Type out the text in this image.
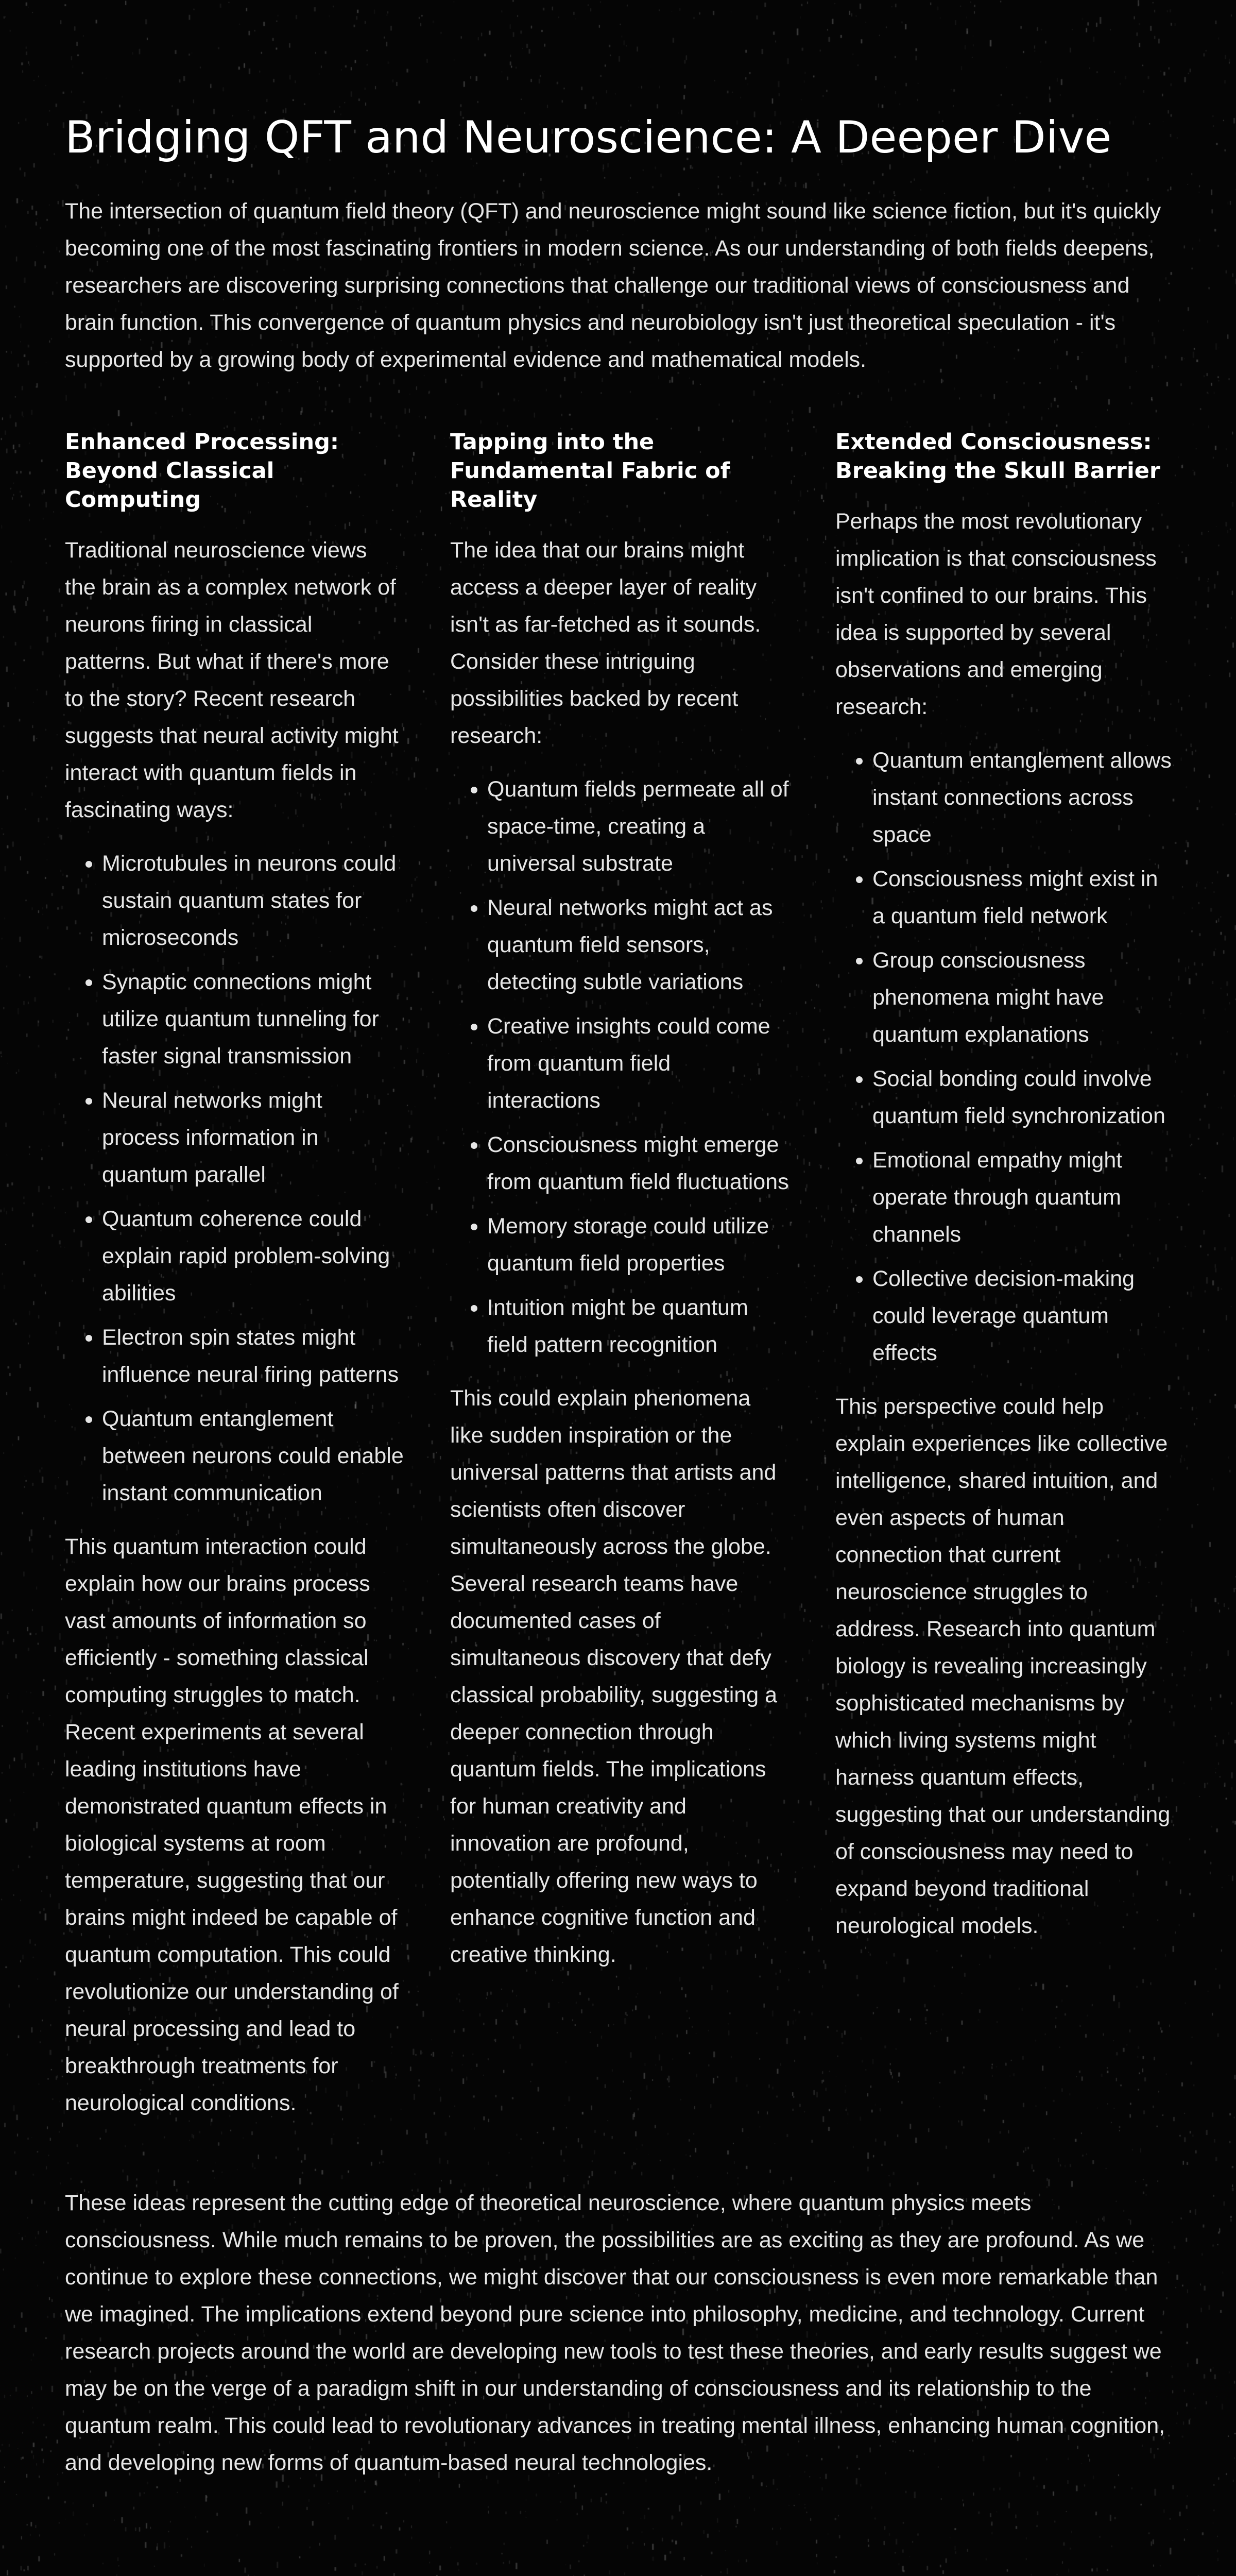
Bridging QFT and Neuroscience: A Deeper Dive

The intersection of quantum field theory (QFT) and neuroscience might sound like science fiction, but it's quickly becoming one of the most fascinating frontiers in modern science. As our understanding of both fields deepens, researchers are discovering surprising connections that challenge our traditional views of consciousness and brain function. This convergence of quantum physics and neurobiology isn't just theoretical speculation - it's supported by a growing body of experimental evidence and mathematical models.

Enhanced Processing: Beyond Classical Computing

Traditional neuroscience views the brain as a complex network of neurons firing in classical patterns. But what if there's more to the story? Recent research suggests that neural activity might interact with quantum fields in fascinating ways:

• Microtubules in neurons could sustain quantum states for microseconds
• Synaptic connections might utilize quantum tunneling for faster signal transmission
• Neural networks might process information in quantum parallel
• Quantum coherence could explain rapid problem-solving abilities
• Electron spin states might influence neural firing patterns
• Quantum entanglement between neurons could enable instant communication

This quantum interaction could explain how our brains process vast amounts of information so efficiently - something classical computing struggles to match. Recent experiments at several leading institutions have demonstrated quantum effects in biological systems at room temperature, suggesting that our brains might indeed be capable of quantum computation. This could revolutionize our understanding of neural processing and lead to breakthrough treatments for neurological conditions.

Tapping into the Fundamental Fabric of Reality

The idea that our brains might access a deeper layer of reality isn't as far-fetched as it sounds. Consider these intriguing possibilities backed by recent research:

• Quantum fields permeate all of space-time, creating a universal substrate
• Neural networks might act as quantum field sensors, detecting subtle variations
• Creative insights could come from quantum field interactions
• Consciousness might emerge from quantum field fluctuations
• Memory storage could utilize quantum field properties
• Intuition might be quantum field pattern recognition

This could explain phenomena like sudden inspiration or the universal patterns that artists and scientists often discover simultaneously across the globe. Several research teams have documented cases of simultaneous discovery that defy classical probability, suggesting a deeper connection through quantum fields. The implications for human creativity and innovation are profound, potentially offering new ways to enhance cognitive function and creative thinking.

Extended Consciousness: Breaking the Skull Barrier

Perhaps the most revolutionary implication is that consciousness isn't confined to our brains. This idea is supported by several observations and emerging research:

• Quantum entanglement allows instant connections across space
• Consciousness might exist in a quantum field network
• Group consciousness phenomena might have quantum explanations
• Social bonding could involve quantum field synchronization
• Emotional empathy might operate through quantum channels
• Collective decision-making could leverage quantum effects

This perspective could help explain experiences like collective intelligence, shared intuition, and even aspects of human connection that current neuroscience struggles to address. Research into quantum biology is revealing increasingly sophisticated mechanisms by which living systems might harness quantum effects, suggesting that our understanding of consciousness may need to expand beyond traditional neurological models.

These ideas represent the cutting edge of theoretical neuroscience, where quantum physics meets consciousness. While much remains to be proven, the possibilities are as exciting as they are profound. As we continue to explore these connections, we might discover that our consciousness is even more remarkable than we imagined. The implications extend beyond pure science into philosophy, medicine, and technology. Current research projects around the world are developing new tools to test these theories, and early results suggest we may be on the verge of a paradigm shift in our understanding of consciousness and its relationship to the quantum realm. This could lead to revolutionary advances in treating mental illness, enhancing human cognition, and developing new forms of quantum-based neural technologies.
